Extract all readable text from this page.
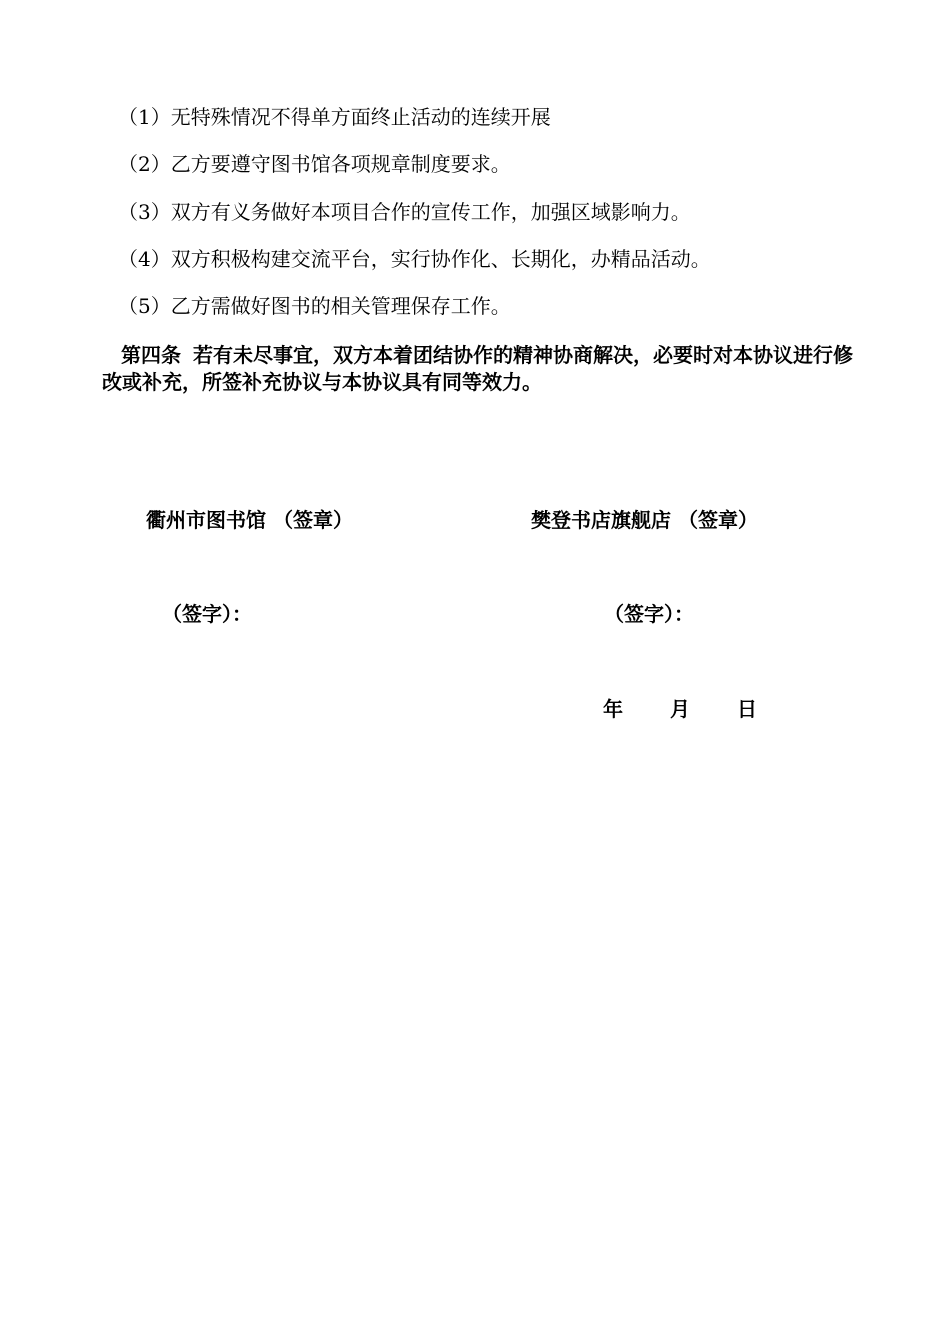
（1）无特殊情况不得单方面终止活动的连续开展
（2）乙方要遵守图书馆各项规章制度要求。
（3）双方有义务做好本项目合作的宣传工作，加强区域影响力。
（4）双方积极构建交流平台，实行协作化、长期化，办精品活动。
（5）乙方需做好图书的相关管理保存工作。
第四条 若有未尽事宜，双方本着团结协作的精神协商解决，必要时对本协议进行修改或补充，所签补充协议与本协议具有同等效力。
衢州市图书馆 （签章）	樊登书店旗舰店 （签章）
（签字）：	（签字）：
年 月 日
